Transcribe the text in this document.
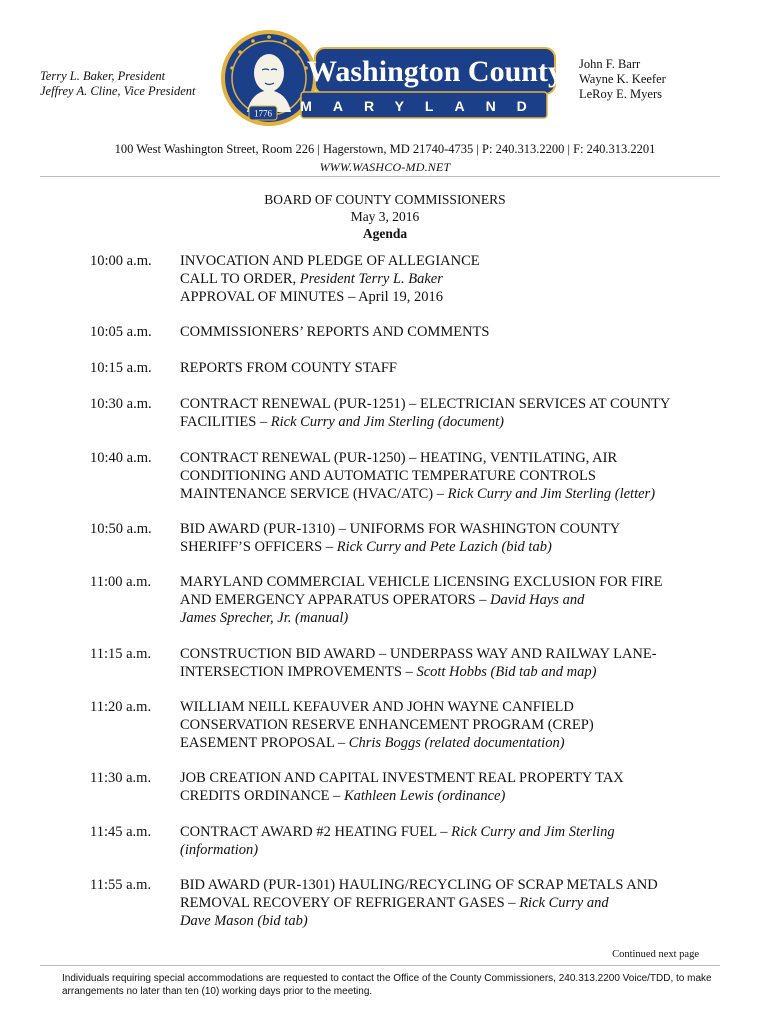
Terry L. Baker, President
Jeffrey A. Cline, Vice President
1776
Washington County
MARYLAND
John F. Barr
Wayne K. Keefer
LeRoy E. Myers
100 West Washington Street, Room 226 | Hagerstown, MD 21740-4735 | P: 240.313.2200 | F: 240.313.2201
WWW.WASHCO-MD.NET
BOARD OF COUNTY COMMISSIONERS
May 3, 2016
Agenda
10:00 a.m.	INVOCATION AND PLEDGE OF ALLEGIANCE
CALL TO ORDER, President Terry L. Baker
APPROVAL OF MINUTES – April 19, 2016
10:05 a.m.	COMMISSIONERS’ REPORTS AND COMMENTS
10:15 a.m.	REPORTS FROM COUNTY STAFF
10:30 a.m.	CONTRACT RENEWAL (PUR-1251) – ELECTRICIAN SERVICES AT COUNTY
FACILITIES – Rick Curry and Jim Sterling (document)
10:40 a.m.	CONTRACT RENEWAL (PUR-1250) – HEATING, VENTILATING, AIR
CONDITIONING AND AUTOMATIC TEMPERATURE CONTROLS
MAINTENANCE SERVICE (HVAC/ATC) – Rick Curry and Jim Sterling (letter)
10:50 a.m.	BID AWARD (PUR-1310) – UNIFORMS FOR WASHINGTON COUNTY
SHERIFF’S OFFICERS – Rick Curry and Pete Lazich (bid tab)
11:00 a.m.	MARYLAND COMMERCIAL VEHICLE LICENSING EXCLUSION FOR FIRE
AND EMERGENCY APPARATUS OPERATORS – David Hays and
James Sprecher, Jr. (manual)
11:15 a.m.	CONSTRUCTION BID AWARD – UNDERPASS WAY AND RAILWAY LANE-
INTERSECTION IMPROVEMENTS – Scott Hobbs (Bid tab and map)
11:20 a.m.	WILLIAM NEILL KEFAUVER AND JOHN WAYNE CANFIELD
CONSERVATION RESERVE ENHANCEMENT PROGRAM (CREP)
EASEMENT PROPOSAL – Chris Boggs (related documentation)
11:30 a.m.	JOB CREATION AND CAPITAL INVESTMENT REAL PROPERTY TAX
CREDITS ORDINANCE – Kathleen Lewis (ordinance)
11:45 a.m.	CONTRACT AWARD #2 HEATING FUEL – Rick Curry and Jim Sterling
(information)
11:55 a.m.	BID AWARD (PUR-1301) HAULING/RECYCLING OF SCRAP METALS AND
REMOVAL RECOVERY OF REFRIGERANT GASES – Rick Curry and
Dave Mason (bid tab)
Continued next page
Individuals requiring special accommodations are requested to contact the Office of the County Commissioners, 240.313.2200 Voice/TDD, to make arrangements no later than ten (10) working days prior to the meeting.
